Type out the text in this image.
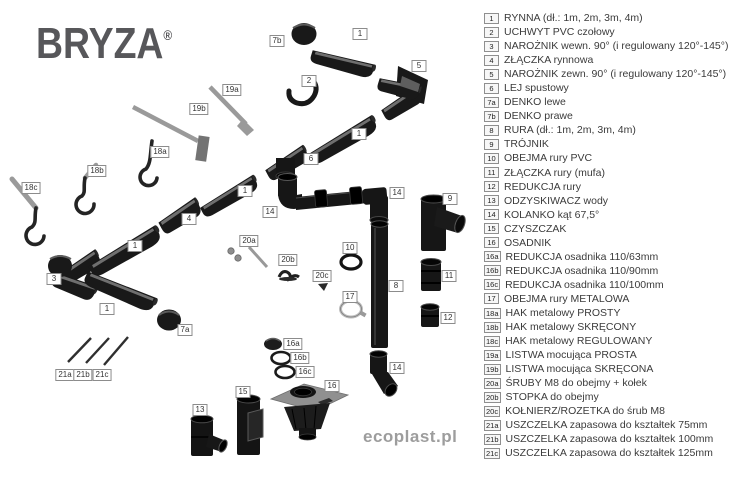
1
7b
5
2
19a
19b
1
18a
6
18b
18c	1	14
9
14
4
20a
1	10
20b
20c	11
3
8
17
1
12
7a
16a
16b
14
16c
21a 21b 21c
16
15
13
BRYZA®
ecoplast.pl
1 RYNNA (dł.: 1m, 2m, 3m, 4m)
2 UCHWYT PVC czołowy
3 NAROŻNIK wewn. 90° (i regulowany 120°-145°)
4 ZŁĄCZKA rynnowa
5 NAROŻNIK zewn. 90° (i regulowany 120°-145°)
6 LEJ spustowy
7a DENKO lewe
7b DENKO prawe
8 RURA (dł.: 1m, 2m, 3m, 4m)
9 TRÓJNIK
10 OBEJMA rury PVC
11 ZŁĄCZKA rury (mufa)
12 REDUKCJA rury
13 ODZYSKIWACZ wody
14 KOLANKO kąt 67,5°
15 CZYSZCZAK
16 OSADNIK
16a REDUKCJA osadnika 110/63mm
16b REDUKCJA osadnika 110/90mm
16c REDUKCJA osadnika 110/100mm
17 OBEJMA rury METALOWA
18a HAK metalowy PROSTY
18b HAK metalowy SKRĘCONY
18c HAK metalowy REGULOWANY
19a LISTWA mocująca PROSTA
19b LISTWA mocująca SKRĘCONA
20a ŚRUBY M8 do obejmy + kołek
20b STOPKA do obejmy
20c KOŁNIERZ/ROZETKA do śrub M8
21a USZCZELKA zapasowa do kształtek 75mm
21b USZCZELKA zapasowa do kształtek 100mm
21c USZCZELKA zapasowa do kształtek 125mm
